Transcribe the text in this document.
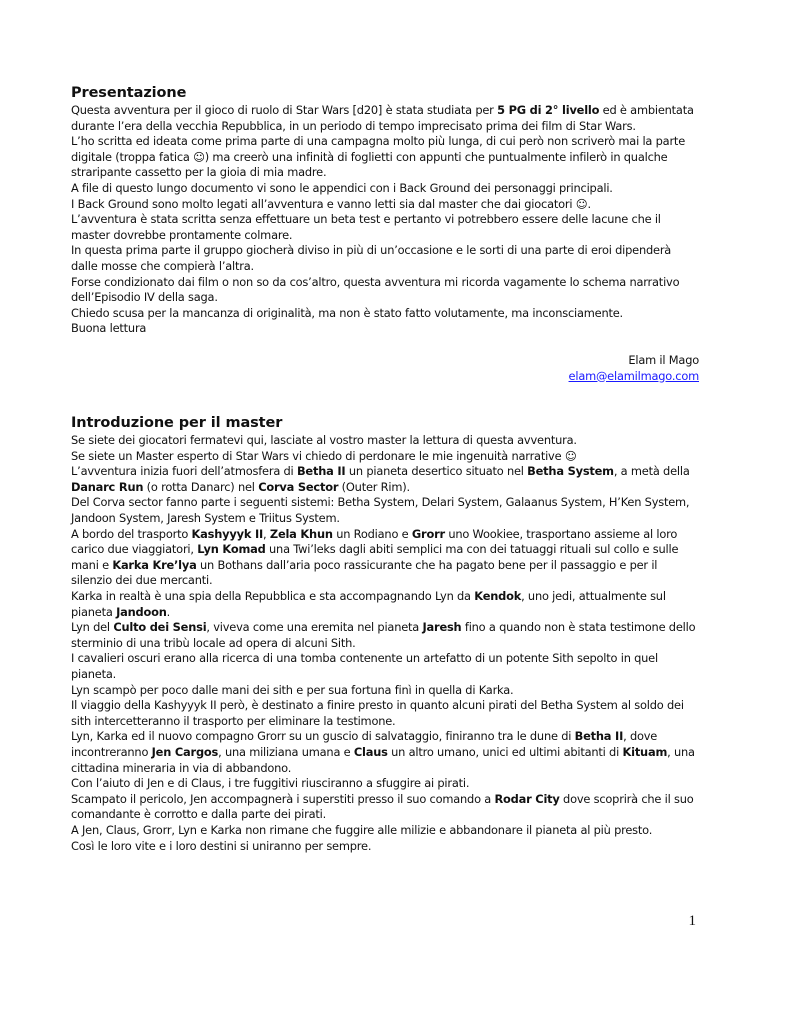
Presentazione

Questa avventura per il gioco di ruolo di Star Wars [d20] è stata studiata per 5 PG di 2° livello ed è ambientata durante l’era della vecchia Repubblica, in un periodo di tempo imprecisato prima dei film di Star Wars.

L’ho scritta ed ideata come prima parte di una campagna molto più lunga, di cui però non scriverò mai la parte digitale (troppa fatica ☺) ma creerò una infinità di foglietti con appunti che puntualmente infilerò in qualche straripante cassetto per la gioia di mia madre.

A file di questo lungo documento vi sono le appendici con i Back Ground dei personaggi principali.

I Back Ground sono molto legati all’avventura e vanno letti sia dal master che dai giocatori ☺.

L’avventura è stata scritta senza effettuare un beta test e pertanto vi potrebbero essere delle lacune che il master dovrebbe prontamente colmare.

In questa prima parte il gruppo giocherà diviso in più di un’occasione e le sorti di una parte di eroi dipenderà dalle mosse che compierà l’altra.

Forse condizionato dai film o non so da cos’altro, questa avventura mi ricorda vagamente lo schema narrativo dell’Episodio IV della saga.

Chiedo scusa per la mancanza di originalità, ma non è stato fatto volutamente, ma inconsciamente.

Buona lettura

Elam il Mago
elam@elamilmago.com
Introduzione per il master

Se siete dei giocatori fermatevi qui, lasciate al vostro master la lettura di questa avventura.

Se siete un Master esperto di Star Wars vi chiedo di perdonare le mie ingenuità narrative ☺

L’avventura inizia fuori dell’atmosfera di Betha II un pianeta desertico situato nel Betha System, a metà della Danarc Run (o rotta Danarc) nel Corva Sector (Outer Rim).

Del Corva sector fanno parte i seguenti sistemi: Betha System, Delari System, Galaanus System, H’Ken System, Jandoon System, Jaresh System e Triitus System.

A bordo del trasporto Kashyyyk II, Zela Khun un Rodiano e Grorr uno Wookiee, trasportano assieme al loro carico due viaggiatori, Lyn Komad una Twi’leks dagli abiti semplici ma con dei tatuaggi rituali sul collo e sulle mani e Karka Kre’lya un Bothans dall’aria poco rassicurante che ha pagato bene per il passaggio e per il silenzio dei due mercanti.

Karka in realtà è una spia della Repubblica e sta accompagnando Lyn da Kendok, uno jedi, attualmente sul pianeta Jandoon.

Lyn del Culto dei Sensi, viveva come una eremita nel pianeta Jaresh fino a quando non è stata testimone dello sterminio di una tribù locale ad opera di alcuni Sith.

I cavalieri oscuri erano alla ricerca di una tomba contenente un artefatto di un potente Sith sepolto in quel pianeta.

Lyn scampò per poco dalle mani dei sith e per sua fortuna finì in quella di Karka.

Il viaggio della Kashyyyk II però, è destinato a finire presto in quanto alcuni pirati del Betha System al soldo dei sith intercetteranno il trasporto per eliminare la testimone.

Lyn, Karka ed il nuovo compagno Grorr su un guscio di salvataggio, finiranno tra le dune di Betha II, dove incontreranno Jen Cargos, una miliziana umana e Claus un altro umano, unici ed ultimi abitanti di Kituam, una cittadina mineraria in via di abbandono.

Con l’aiuto di Jen e di Claus, i tre fuggitivi riusciranno a sfuggire ai pirati.

Scampato il pericolo, Jen accompagnerà i superstiti presso il suo comando a Rodar City dove scoprirà che il suo comandante è corrotto e dalla parte dei pirati.

A Jen, Claus, Grorr, Lyn e Karka non rimane che fuggire alle milizie e abbandonare il pianeta al più presto.

Così le loro vite e i loro destini si uniranno per sempre.

1
